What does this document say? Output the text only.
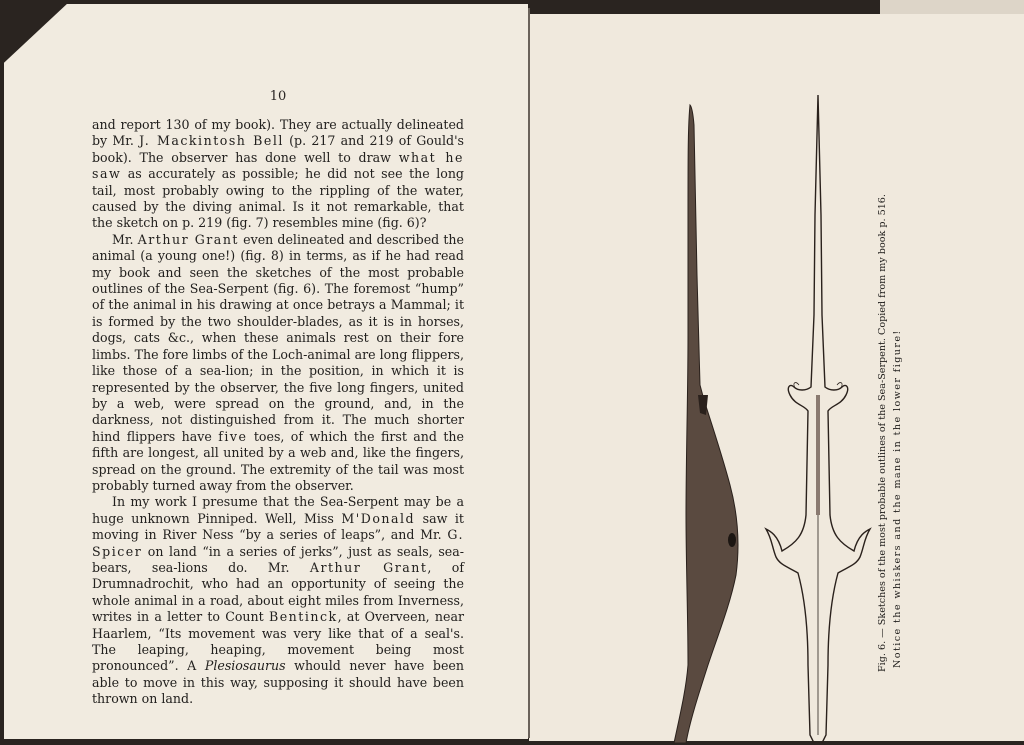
10

and report 130 of my book). They are actually delineated by Mr. J. Mackintosh Bell (p. 217 and 219 of Gould's book). The observer has done well to draw what he saw as accurately as possible; he did not see the long tail, most probably owing to the rippling of the water, caused by the diving animal. Is it not remarkable, that the sketch on p. 219 (fig. 7) resembles mine (fig. 6)?

Mr. Arthur Grant even delineated and described the animal (a young one!) (fig. 8) in terms, as if he had read my book and seen the sketches of the most probable outlines of the Sea-Serpent (fig. 6). The foremost “hump” of the animal in his drawing at once betrays a Mammal; it is formed by the two shoulder-blades, as it is in horses, dogs, cats &c., when these animals rest on their fore limbs. The fore limbs of the Loch-animal are long flippers, like those of a sea-lion; in the position, in which it is represented by the observer, the five long fingers, united by a web, were spread on the ground, and, in the darkness, not distinguished from it. The much shorter hind flippers have five toes, of which the first and the fifth are longest, all united by a web and, like the fingers, spread on the ground. The extremity of the tail was most probably turned away from the observer.

In my work I presume that the Sea-Serpent may be a huge unknown Pinniped. Well, Miss M'Donald saw it moving in River Ness “by a series of leaps”, and Mr. G. Spicer on land “in a series of jerks”, just as seals, sea-bears, sea-lions do. Mr. Arthur Grant, of Drumnadrochit, who had an opportunity of seeing the whole animal in a road, about eight miles from Inverness, writes in a letter to Count Bentinck, at Overveen, near Haarlem, “Its movement was very like that of a seal's. The leaping, heaping, movement being most pronounced”. A Plesiosaurus whould never have been able to move in this way, supposing it should have been thrown on land.

Fig. 6. — Sketches of the most probable outlines of the Sea-Serpent. Copied from my book p. 516. Notice the whiskers and the mane in the lower figure!
